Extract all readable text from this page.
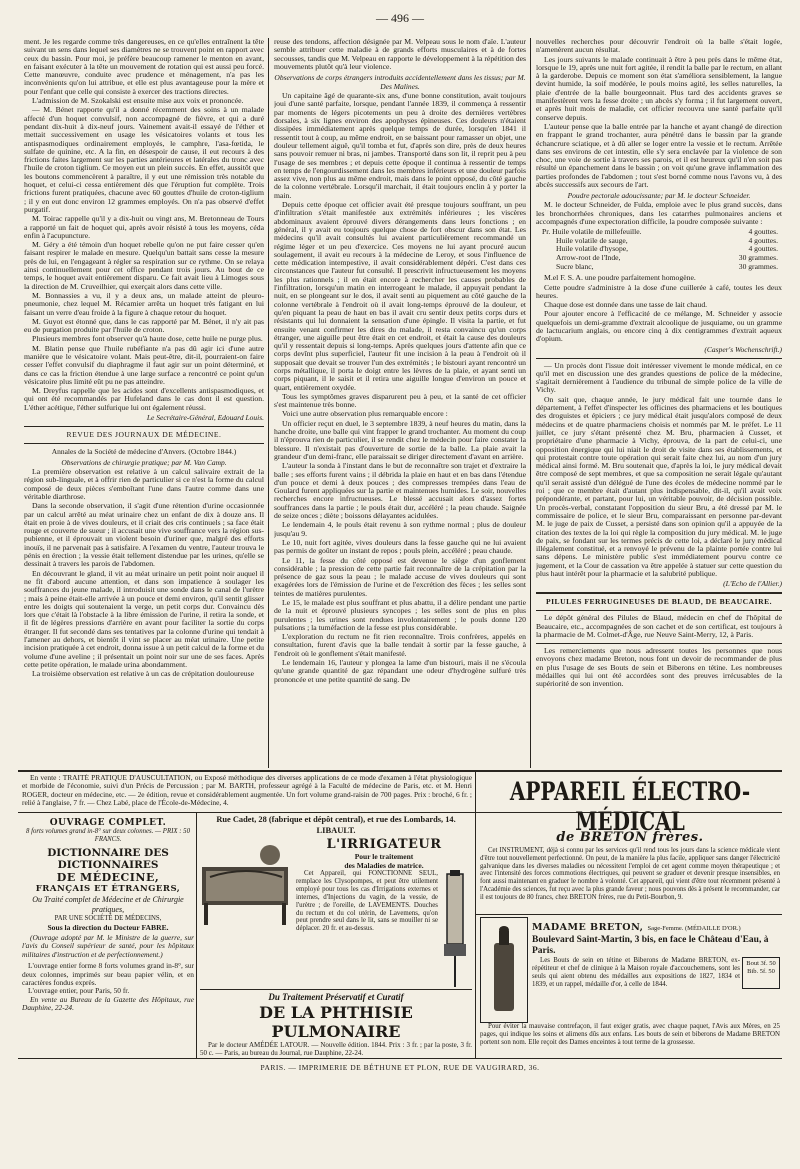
— 496 —

ment. Je les regarde comme très dangereuses, en ce qu'elles entraînent la tête suivant un sens dans lequel ses diamètres ne se trouvent point en rapport avec ceux du bassin. Pour moi, je préfère beaucoup ramener le menton en avant, en faisant exécuter à la tête un mouvement de rotation qui est aussi peu forcé. Cette manœuvre, conduite avec prudence et ménagement, n'a pas les inconvénients qu'on lui attribue, et elle est plus avantageuse pour la mère et pour l'enfant que celle qui consiste à exercer des tractions directes.

L'admission de M. Szokalski est ensuite mise aux voix et prononcée.

— M. Bénet rapporte qu'il a donné récemment des soins à un malade affecté d'un hoquet convulsif, non accompagné de fièvre, et qui a duré pendant dix-huit à dix-neuf jours. Vainement avait-il essayé de l'éther et mettait successivement en usage les vésicatoires volants et tous les antispasmodiques ordinairement employés, le camphre, l'asa-fœtida, le sulfate de quinine, etc. A la fin, en désespoir de cause, il eut recours à des frictions faites largement sur les parties antérieures et latérales du tronc avec l'huile de croton tiglium. Ce moyen eut un plein succès. En effet, aussitôt que les boutons commencèrent à paraître, il y eut une rémission très notable du hoquet, et celui-ci cessa entièrement dès que l'éruption fut complète. Trois frictions furent pratiquées, chacune avec 60 gouttes d'huile de croton-tiglium ; il y en eut donc environ 12 grammes employés. On n'a pas observé d'effet purgatif.

M. Toirac rappelle qu'il y a dix-huit ou vingt ans, M. Bretonneau de Tours a rapporté un fait de hoquet qui, après avoir résisté à tous les moyens, céda enfin à l'acupuncture.

M. Géry a été témoin d'un hoquet rebelle qu'on ne put faire cesser qu'en faisant respirer le malade en mesure. Quelqu'un battait sans cesse la mesure près de lui, en l'engageant à régler sa respiration sur ce rythme. On se relaya ainsi continuellement pour cet office pendant trois jours. Au bout de ce temps, le hoquet avait entièrement disparu. Ce fait avait lieu à Limoges sous la direction de M. Cruveilhier, qui exerçait alors dans cette ville.

M. Bonnassies a vu, il y a deux ans, un malade atteint de pleuro-pneumonie, chez lequel M. Récamier arrêta un hoquet très fatigant en lui faisant un verre d'eau froide à la figure à chaque retour du hoquet.

M. Guyot est étonné que, dans le cas rapporté par M. Bénet, il n'y ait pas eu de purgation produite par l'huile de croton.

Plusieurs membres font observer qu'à haute dose, cette huile ne purge plus.

M. Blatin pense que l'huile rubéfiante n'a pas dû agir ici d'une autre manière que le vésicatoire volant. Mais peut-être, dit-il, pourraient-on faire cesser l'effet convulsif du diaphragme il faut agir sur un point déterminé, et dans ce cas la friction étendue à une large surface a rencontré ce point qu'un vésicatoire plus limité eût pu ne pas atteindre.

M. Dreyfus rappelle que les acides sont d'excellents antispasmodiques, et qui ont été recommandés par Hufeland dans le cas dont il est question. L'éther acétique, l'éther sulfurique lui ont également réussi.

Le Secrétaire-Général, Edouard Louis.
REVUE DES JOURNAUX DE MÉDECINE.
Annales de la Société de médecine d'Anvers. (Octobre 1844.)
Observations de chirurgie pratique; par M. Van Camp.

La première observation est relative à un calcul salivaire extrait de la région sub-linguale, et à offrir rien de particulier si ce n'est la forme du calcul composé de deux pièces s'emboîtant l'une dans l'autre comme dans une véritable diarthrose.

Dans la seconde observation, il s'agit d'une rétention d'urine occasionnée par un calcul arrêté au méat urinaire chez un enfant de dix à douze ans. Il était en proie à de vives douleurs, et il criait des cris continuels ; sa face était rouge et couverte de sueur ; il accusait une vive souffrance vers la région sus-pubienne, et il éprouvait un violent besoin d'uriner que, malgré des efforts inouïs, il ne parvenait pas à satisfaire. A l'examen du ventre, l'auteur trouva le pénis en érection ; la vessie était tellement distendue par les urines, qu'elle se dessinait à travers les parois de l'abdomen.

En découvrant le gland, il vit au méat urinaire un petit point noir auquel il ne fit d'abord aucune attention, et dans son impatience à soulager les souffrances du jeune malade, il introduisit une sonde dans le canal de l'urètre ; mais à peine était-elle arrivée à un pouce et demi environ, qu'il sentit glisser entre les doigts qui soutenaient la verge, un petit corps dur. Convaincu dès lors que c'était là l'obstacle à la libre émission de l'urine, il retira la sonde, et il fit de légères pressions d'arrière en avant pour faciliter la sortie du corps étranger. Il fut secondé dans ses tentatives par la colonne d'urine qui tendait à l'amener au dehors, et bientôt il vint se placer au méat urinaire. Une petite incision pratiquée à cet endroit, donna issue à un petit calcul de la forme et du volume d'une aveline ; il présentait un point noir sur une de ses faces. Après cette petite opération, le malade urina abondamment.

La troisième observation est relative à un cas de crépitation douloureuse

reuse des tendons, affection désignée par M. Velpeau sous le nom d'aïe. L'auteur semble attribuer cette maladie à de grands efforts musculaires et à de fortes secousses, tandis que M. Velpeau en rapporte le développement à la répétition des mouvements plutôt qu'à leur violence.

Observations de corps étrangers introduits accidentellement dans les tissus; par M. Des Malines.

Un capitaine âgé de quarante-six ans, d'une bonne constitution, avait toujours joui d'une santé parfaite, lorsque, pendant l'année 1839, il commença à ressentir par moments de légers picotements un peu à droite des dernières vertèbres dorsales, à six lignes environ des apophyses épineuses. Ces douleurs n'étaient dissipées immédiatement après quelque temps de durée, lorsqu'en 1841 il ressentit tout à coup, au même endroit, en se baissant pour ramasser un objet, une douleur tellement aiguë, qu'il tomba et fut, d'après son dire, près de deux heures sans pouvoir remuer ni bras, ni jambes. Transporté dans son lit, il reprit peu à peu l'usage de ses membres ; et depuis cette époque il continua à ressentir de temps en temps de l'engourdissement dans les membres inférieurs et une douleur parfois assez vive, non plus au même endroit, mais dans le point opposé, du côté gauche de la colonne vertébrale. Lorsqu'il marchait, il était toujours enclin à y porter la main.

Depuis cette époque cet officier avait été presque toujours souffrant, un peu d'infiltration s'était manifestée aux extrémités inférieures ; les viscères abdominaux avaient éprouvé divers dérangements dans leurs fonctions ; en général, il y avait eu toujours quelque chose de fort obscur dans son état. Les médecins qu'il avait consultés lui avaient particulièrement recommandé un régime léger et un peu d'exercice. Ces moyens ne lui ayant procuré aucun soulagement, il avait eu recours à la médecine de Leroy, et sous l'influence de cette médication intempestive, il avait considérablement dépéri. C'est dans ces circonstances que l'auteur fut consulté. Il prescrivit infructueusement les moyens les plus rationnels ; il en était encore à rechercher les causes probables de l'infiltration, lorsqu'un matin en interrogeant le malade, il appuyait pendant la nuit, en se plongeant sur le dos, il avait senti au piquement au côté gauche de la colonne vertébrale à l'endroit où il avait long-temps éprouvé de la douleur, et qu'en piquant la peau de haut en bas il avait cru sentir deux petits corps durs et résistants qui lui donnaient la sensation d'une épingle. Il visita la partie, et fut ensuite venant confirmer les dires du malade, il resta convaincu qu'un corps étranger, une aiguille peut être était en cet endroit, et était la cause des douleurs qu'il y ressentait depuis si long-temps. Après quelques jours d'attente afin que ce corps devînt plus superficiel, l'auteur fit une incision à la peau à l'endroit où il supposait que devait se trouver l'un des extrémités ; le bistouri ayant rencontré un corps métallique, il porta le doigt entre les lèvres de la plaie, et ayant senti un corps piquant, il le saisit et il retira une aiguille longue d'environ un pouce et quart, entièrement oxydée.

Tous les symptômes graves disparurent peu à peu, et la santé de cet officier s'est maintenue très bonne.

Voici une autre observation plus remarquable encore :

Un officier reçut en duel, le 3 septembre 1839, à neuf heures du matin, dans la hanche droite, une balle qui vint frapper le grand trochanter. Au moment du coup il n'éprouva rien de particulier, il se rendit chez le médecin pour faire constater la blessure. Il n'existait pas d'ouverture de sortie de la balle. La plaie avait la grandeur d'un demi-franc, elle paraissait se diriger directement d'avant en arrière.

L'auteur la sonda à l'instant dans le but de reconnaître son trajet et d'extraire la balle ; ses efforts furent vains ; il débrida la plaie en haut et en bas dans l'étendue d'un pouce et demi à deux pouces ; des compresses trempées dans l'eau de Goulard furent appliquées sur la partie et maintenues humides. Le soir, nouvelles recherches encore infructueuses. Le blessé accusait alors d'assez fortes souffrances dans la partie ; le pouls était dur, accéléré ; la peau chaude. Saignée de seize onces ; diète ; boissons délayantes acidulées.

Le lendemain 4, le pouls était revenu à son rythme normal ; plus de douleur jusqu'au 9.

Le 10, nuit fort agitée, vives douleurs dans la fesse gauche qui ne lui avaient pas permis de goûter un instant de repos ; pouls plein, accéléré ; peau chaude.

Le 11, la fesse du côté opposé est devenue le siège d'un gonflement considérable ; la pression de cette partie fait reconnaître de la crépitation par la présence de gaz sous la peau ; le malade accuse de vives douleurs qui sont exagérées lors de l'émission de l'urine et de l'excrétion des fèces ; les selles sont teintes de matières purulentes.

Le 15, le malade est plus souffrant et plus abattu, il a délire pendant une partie de la nuit et éprouvé plusieurs syncopes ; les selles sont de plus en plus purulentes ; les urines sont rendues involontairement ; le pouls donne 120 pulsations ; la tuméfaction de la fesse est plus considérable.

L'exploration du rectum ne fit rien reconnaître. Trois confrères, appelés en consultation, furent d'avis que la balle tendait à sortir par la fesse gauche, à l'endroit où le gonflement s'était manifesté.

Le lendemain 16, l'auteur y plongea la lame d'un bistouri, mais il ne s'écoula qu'une grande quantité de gaz répandant une odeur d'hydrogène sulfuré très prononcée et une petite quantité de sang. De

nouvelles recherches pour découvrir l'endroit où la balle s'était logée, n'amenèrent aucun résultat.

Les jours suivants le malade continuait à être à peu près dans le même état, lorsque le 19, après une nuit fort agitée, il rendit la balle par le rectum, en allant à la garderobe. Depuis ce moment son état s'améliora sensiblement, la langue devint humide, la soif modérée, le pouls moins agité, les selles naturelles, la plaie d'entrée de la balle bourgeonnait. Plus tard des accidents graves se manifestèrent vers la fesse droite ; un abcès s'y forma ; il fut largement ouvert, et après huit mois de maladie, cet officier recouvra une santé parfaite qu'il conserve depuis.

L'auteur pense que la balle entrée par la hanche et ayant changé de direction en frappant le grand trochanter, aura pénétré dans le bassin par la grande échancrure sciatique, et à dû aller se loger entre la vessie et le rectum. Arrêtée dans ses environs de cet intestin, elle s'y sera enclavée par la violence de son choc, une voie de sortie à travers ses parois, et il est heureux qu'il n'en soit pas résulté un épanchement dans le bassin ; on voit qu'une grave inflammation des parties profondes de l'abdomen ; tout s'est borné comme nous l'avons vu, à des abcès successifs aux secours de l'art.

Poudre pectorale adoucissante; par M. le docteur Schneider.

M. le docteur Schneider, de Fulda, emploie avec le plus grand succès, dans les bronchorrhées chroniques, dans les catarrhes pulmonaires anciens et accompagnés d'une expectoration difficile, la poudre composée suivante :

Pr. Huile volatile de millefeuille.	4 gouttes.
Huile volatile de sauge,	4 gouttes.
Huile volatile d'hysope,	4 gouttes.
Arrow-root de l'Inde,	30 grammes.
Sucre blanc,	30 grammes.

M.el F. S. A. une poudre parfaitement homogène.

Cette poudre s'administre à la dose d'une cuillerée à café, toutes les deux heures.

Chaque dose est donnée dans une tasse de lait chaud.

Pour ajouter encore à l'efficacité de ce mélange, M. Schneider y associe quelquefois un demi-gramme d'extrait alcoolique de jusquiame, ou un gramme de lactucarium anglais, ou encore cinq à dix centigrammes d'extrait aqueux d'opium.

(Casper's Wochenschrift.)

— Un procès dont l'issue doit intéresser vivement le monde médical, en ce qu'il met en discussion une des grandes questions de police de la médecine, s'agitait dernièrement à l'audience du tribunal de simple police de la ville de Vichy.

On sait que, chaque année, le jury médical fait une tournée dans le département, à l'effet d'inspecter les officines des pharmaciens et les boutiques des droguistes et épiciers ; ce jury médical était jusqu'alors composé de deux médecins et de quatre pharmaciens choisis et nommés par M. le préfet. Le 11 juillet, ce jury s'étant présenté chez M. Bru, pharmacien à Cusset, et propriétaire d'une pharmacie à Vichy, éprouva, de la part de celui-ci, une opposition énergique qui lui niait le droit de visite dans ses établissements, et qui protestait contre toute opération qui serait faite chez lui, au nom d'un jury médical ainsi formé. M. Bru soutenait que, d'après la loi, le jury médical devait être composé de sept membres, et que sa composition ne serait légale qu'autant qu'il serait assisté d'un délégué de l'une des écoles de médecine nommé par le roi ; que ce membre était d'autant plus indispensable, dit-il, qu'il avait voix prépondérante, et partant, pour lui, un véritable pouvoir, de décision possible. Un procès-verbal, constatant l'opposition du sieur Bru, a été dressé par M. le commissaire de police, et le sieur Bru, comparaissant en personne par-devant M. le juge de paix de Cusset, a persisté dans son opinion qu'il a appuyée de la citation des textes de la loi qui règle la composition du jury médical. M. le juge de paix, se fondant sur les termes précis de cette loi, a déclaré le jury médical illégalement constitué, et a renvoyé le prévenu de la plainte portée contre lui sans dépens. Le ministère public s'est immédiatement pourvu contre ce jugement, et la Cour de cassation va être appelée à statuer sur cette question du plus haut intérêt pour la pharmacie et la salubrité publique.

(L'Echo de l'Allier.)
PILULES FERRUGINEUSES DE BLAUD, DE BEAUCAIRE.

Le dépôt général des Pilules de Blaud, médecin en chef de l'hôpital de Beaucaire, etc., accompagnées de son cachet et de son certificat, est toujours à la pharmacie de M. Colmet-d'Âge, rue Neuve Saint-Merry, 12, à Paris.

Les remerciements que nous adressent toutes les personnes que nous envoyons chez madame Breton, nous font un devoir de recommander de plus en plus l'usage de ses Bouts de sein et Biberons en tétine. Les nombreuses médailles qui lui ont été accordées sont des preuves irrécusables de la supériorité de son invention.

En vente : TRAITÉ PRATIQUE D'AUSCULTATION, ou Exposé méthodique des diverses applications de ce mode d'examen à l'état physiologique et morbide de l'économie, suivi d'un Précis de Percussion ; par M. BARTH, professeur agrégé à la Faculté de médecine de Paris, etc. et M. Henri ROGER, docteur en médecine, etc. — 2e édition, revue et considérablement augmentée. Un fort volume grand-raisin de 700 pages. Prix : broché, 6 fr. ; relié à l'anglaise, 7 fr. — Chez Labé, place de l'École-de-Médecine, 4.

OUVRAGE COMPLET.
8 forts volumes grand in-8° sur deux colonnes. — PRIX : 50 FRANCS.
DICTIONNAIRE DES DICTIONNAIRES
DE MÉDECINE,
FRANÇAIS ET ÉTRANGERS,
Ou Traité complet de Médecine et de Chirurgie pratiques,
PAR UNE SOCIÉTÉ DE MÉDECINS,
Sous la direction du Docteur FABRE.

(Ouvrage adopté par M. le Ministre de la guerre, sur l'avis du Conseil supérieur de santé, pour les hôpitaux militaires d'instruction et de perfectionnement.)

L'ouvrage entier forme 8 forts volumes grand in-8°, sur deux colonnes, imprimés sur beau papier vélin, et en caractères fondus exprès.

L'ouvrage entier, pour Paris, 50 fr.

En vente au Bureau de la Gazette des Hôpitaux, rue Dauphine, 22-24.

Rue Cadet, 28 (fabrique et dépôt central), et rue des Lombards, 14.
LIBAULT.
L'IRRIGATEUR
Pour le traitement
des Maladies de matrice.

Cet Appareil, qui FONCTIONNE SEUL, remplace les Clysopompes, et peut être utilement employé pour tous les cas d'Irrigations externes et internes, d'Injections du vagin, de la vessie, de l'urètre ; de l'oreille, de LAVEMENTS. Douches du rectum et du col utérin, de Lavemens, qu'on peut prendre seul dans le lit, sans se mouiller ni se déplacer. 20 fr. et au-dessus.

Du Traitement Préservatif et Curatif
DE LA PHTHISIE PULMONAIRE

Par le docteur AMÉDÉE LATOUR. — Nouvelle édition. 1844. Prix : 3 fr. ; par la poste, 3 fr. 50 c. — Paris, au bureau du Journal, rue Dauphine, 22-24.

APPAREIL ÉLECTRO-MÉDICAL
de BRETON frères.

Cet INSTRUMENT, déjà si connu par les services qu'il rend tous les jours dans la science médicale vient d'être tout nouvellement perfectionné. On peut, de la manière la plus facile, appliquer sans danger l'électricité galvanique dans les diverses maladies ou nécessitent l'emploi de cet agent comme moyen thérapeutique ; et avec l'intensité des forces commotions électriques, qui peuvent se graduer et devenir presque insensibles, en font aussi maintenant en graduer le nombre à volonté. Cet appareil, qui vient d'être tout récemment présenté à l'Académie des sciences, fut reçu avec la plus grande faveur ; nous pouvons dès à présent le recommander, car il est toujours de 80 francs, chez BRETON frères, rue du Petit-Bourbon, 9.

MADAME BRETON, Sage-Femme. (MÉDAILLE D'OR.)
Boulevard Saint-Martin, 3 bis, en face le Château d'Eau, à Paris.

Les Bouts de sein en tétine et Biberons de Madame BRETON, ex-répétiteur et chef de clinique à la Maison royale d'accouchemens, sont les seuls qui aient obtenu des médailles aux expositions de 1827, 1834 et 1839, et un rappel, médaille d'or, à celle de 1844.

Bout 3f. 50
Bib. 5f. 50

Pour éviter la mauvaise contrefaçon, il faut exiger gratis, avec chaque paquet, l'Avis aux Mères, en 25 pages, qui indique les soins et alimens dûs aux enfans. Les bouts de sein et biberons de Madame BRETON portent son nom. Elle reçoit des Dames enceintes à tout terme de la grossesse.

PARIS. — IMPRIMERIE DE BÉTHUNE ET PLON, RUE DE VAUGIRARD, 36.
